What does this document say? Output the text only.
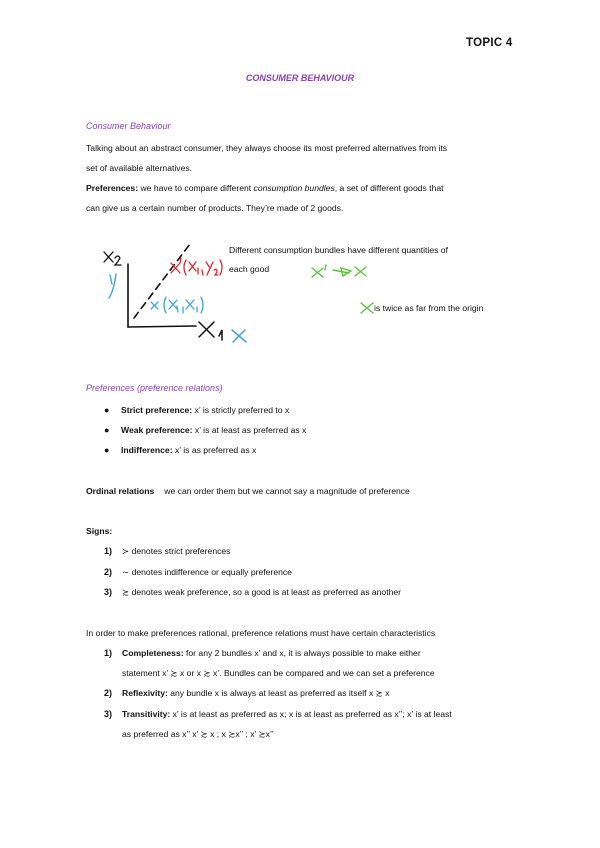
TOPIC 4
CONSUMER BEHAVIOUR
Consumer Behaviour
Talking about an abstract consumer, they always choose its most preferred alternatives from its
set of available alternatives.
Preferences: we have to compare different consumption bundles, a set of different goods that
can give us a certain number of products. They’re made of 2 goods.
Different consumption bundles have different quantities of
each good
is twice as far from the origin
Preferences (preference relations)
● Strict preference: x’ is strictly preferred to x
● Weak preference: x’ is at least as preferred as x
● Indifference: x’ is as preferred as x
Ordinal relations we can order them but we cannot say a magnitude of preference
Signs:
1) ≻ denotes strict preferences
2) ∼ denotes indifference or equally preference
3) ≿ denotes weak preference, so a good is at least as preferred as another
In order to make preferences rational, preference relations must have certain characteristics
1) Completeness: for any 2 bundles x’ and x, it is always possible to make either
statement x’ ≿ x or x ≿ x’. Bundles can be compared and we can set a preference
2) Reflexivity: any bundle x is always at least as preferred as itself x ≿ x
3) Transitivity: x’ is at least as preferred as x; x is at least as preferred as x’’; x’ is at least
as preferred as x’’ x’ ≿ x ; x ≿x’’ ; x’ ≿x’’
